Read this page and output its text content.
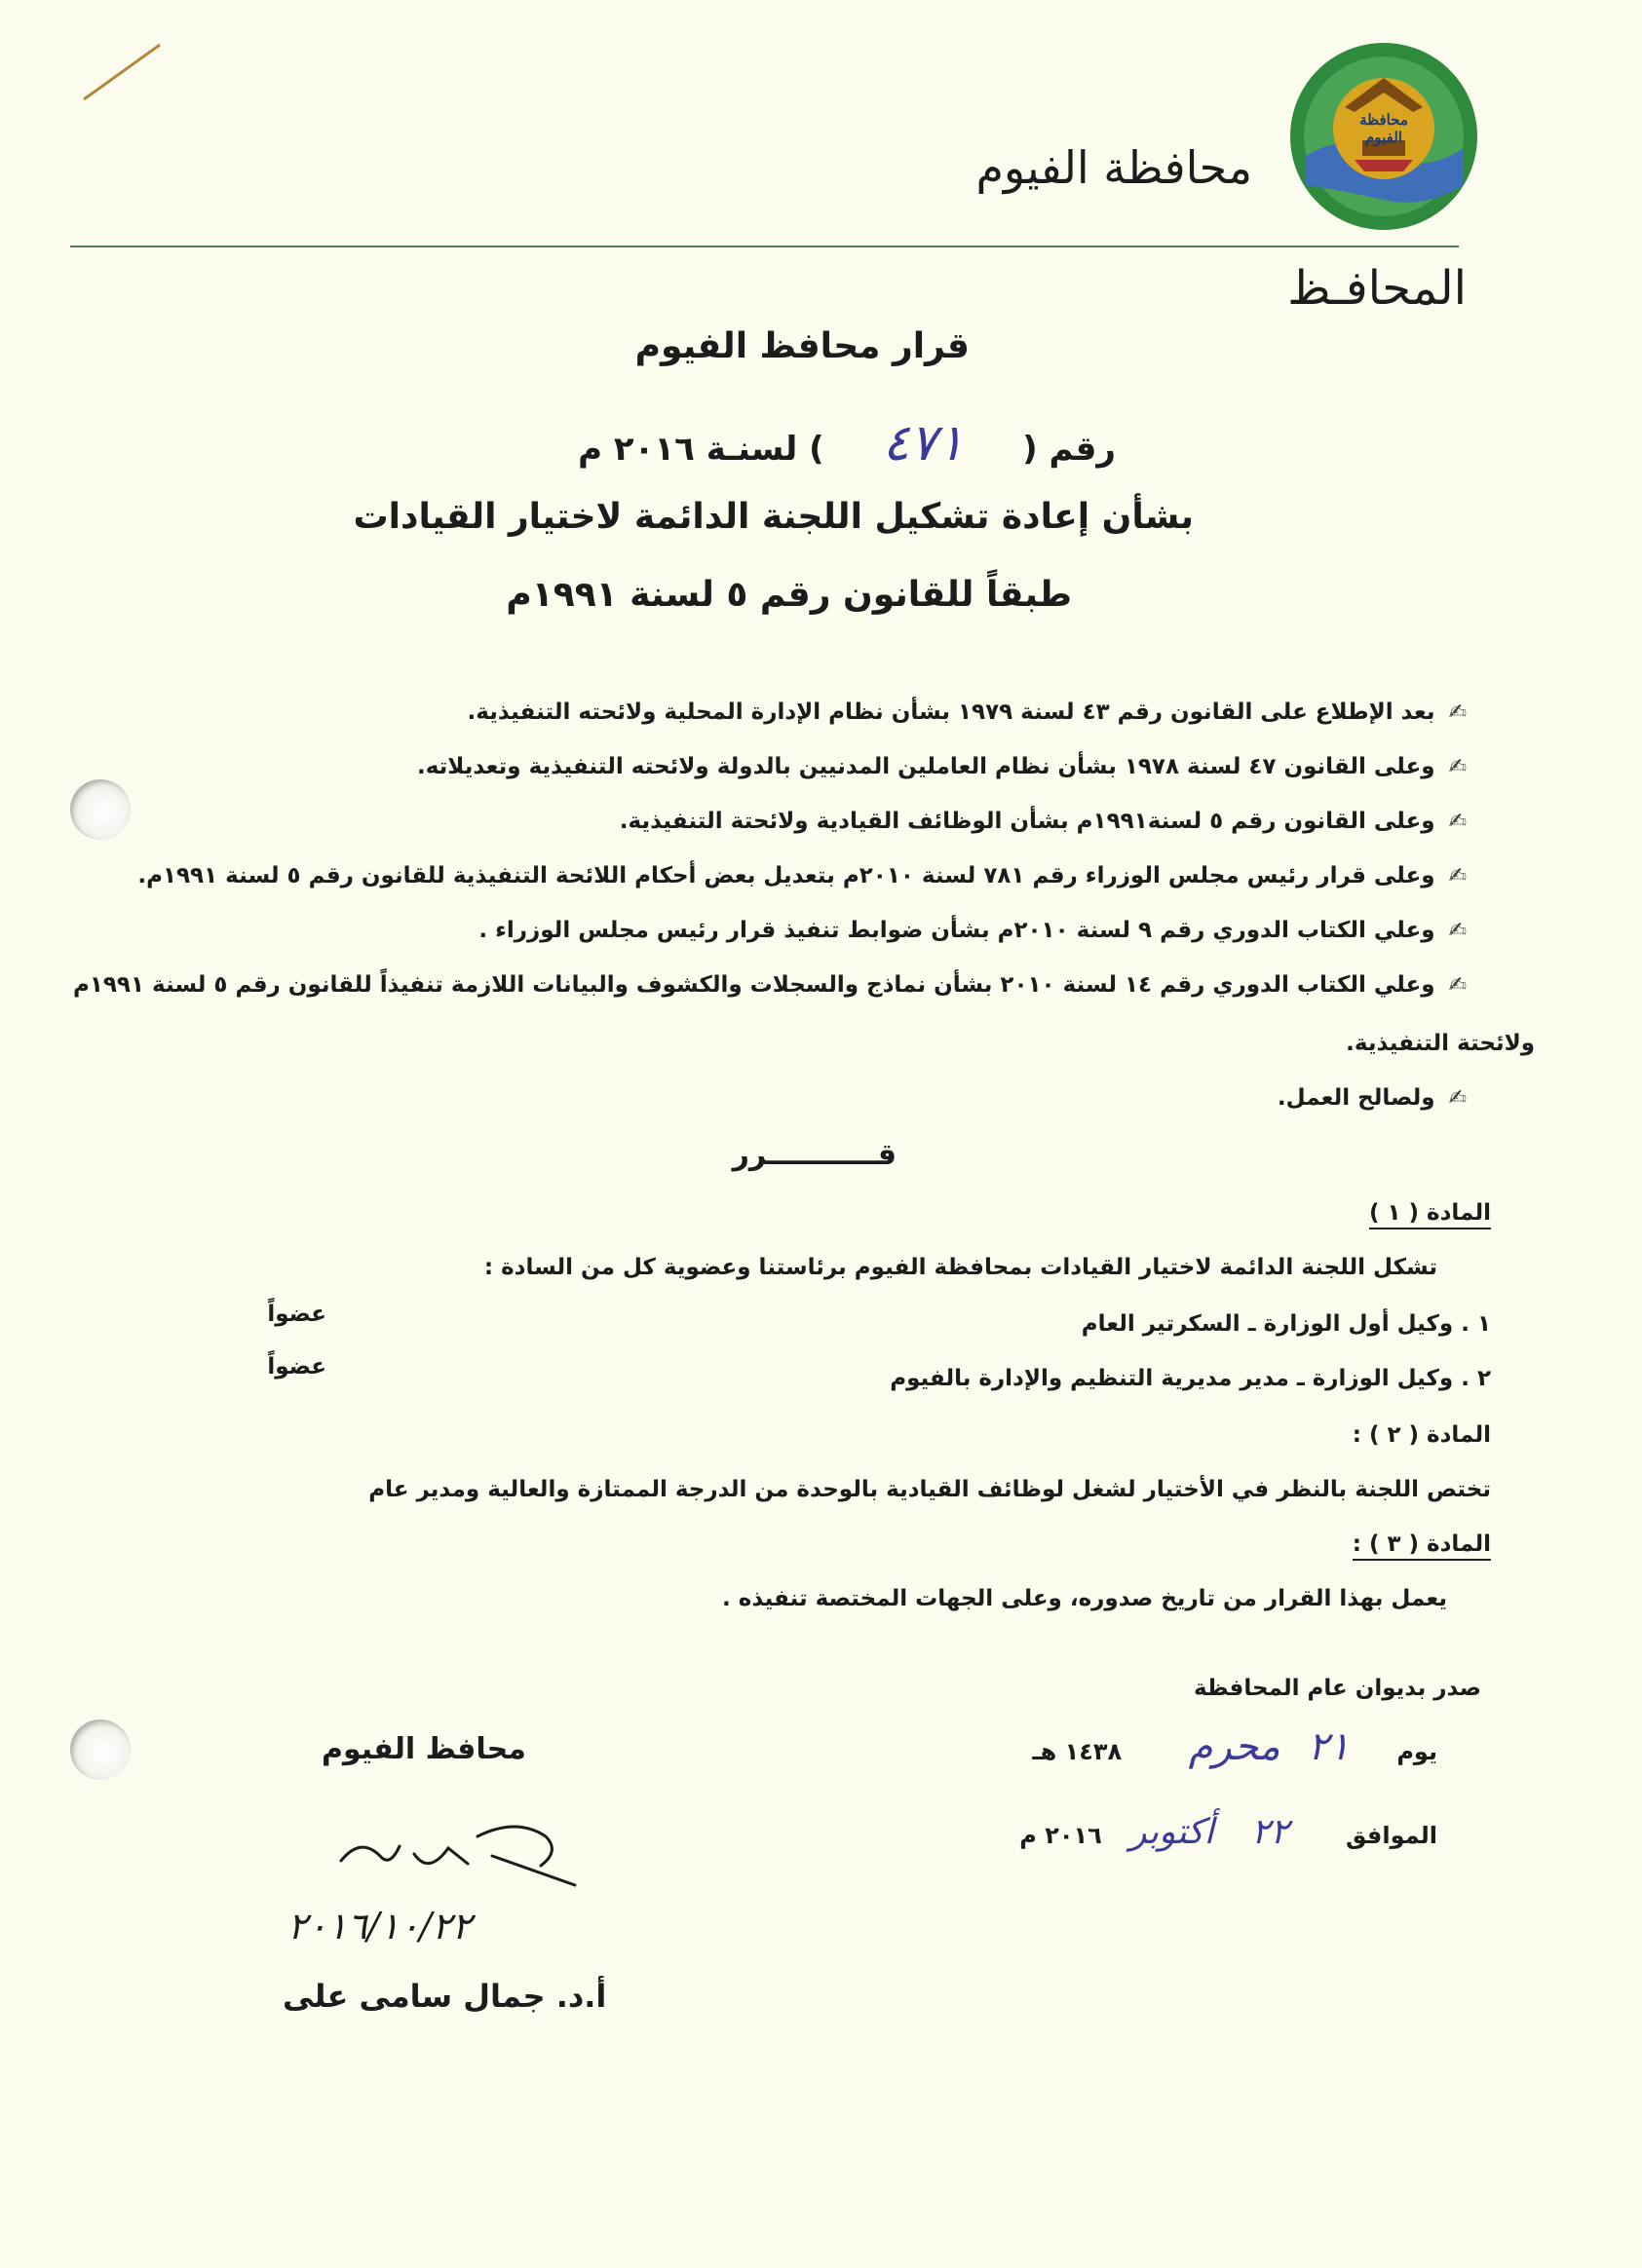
محافظة الفيوم
محافظة الفيوم
المحافـظ
قرار محافظ الفيوم
رقم ( ٤٧١ ) لسنـة ٢٠١٦ م
بشأن إعادة تشكيل اللجنة الدائمة لاختيار القيادات
طبقاً للقانون رقم ٥ لسنة ١٩٩١م
✍بعد الإطلاع على القانون رقم ٤٣ لسنة ١٩٧٩ بشأن نظام الإدارة المحلية ولائحته التنفيذية.
✍وعلى القانون ٤٧ لسنة ١٩٧٨ بشأن نظام العاملين المدنيين بالدولة ولائحته التنفيذية وتعديلاته.
✍وعلى القانون رقم ٥ لسنة١٩٩١م بشأن الوظائف القيادية ولائحتة التنفيذية.
✍وعلى قرار رئيس مجلس الوزراء رقم ٧٨١ لسنة ٢٠١٠م بتعديل بعض أحكام اللائحة التنفيذية للقانون رقم ٥ لسنة ١٩٩١م.
✍وعلي الكتاب الدوري رقم ٩ لسنة ٢٠١٠م بشأن ضوابط تنفيذ قرار رئيس مجلس الوزراء .
✍وعلي الكتاب الدوري رقم ١٤ لسنة ٢٠١٠ بشأن نماذج والسجلات والكشوف والبيانات اللازمة تنفيذاً للقانون رقم ٥ لسنة ١٩٩١م
ولائحتة التنفيذية.
✍ولصالح العمل.
قـــــــــــرر
المادة ( ١ )
تشكل اللجنة الدائمة لاختيار القيادات بمحافظة الفيوم برئاستنا وعضوية كل من السادة :
١ . وكيل أول الوزارة ـ السكرتير العام
عضواً
٢ . وكيل الوزارة ـ مدير مديرية التنظيم والإدارة بالفيوم
عضواً
المادة ( ٢ ) :
تختص اللجنة بالنظر في الأختيار لشغل لوظائف القيادية بالوحدة من الدرجة الممتازة والعالية ومدير عام
المادة ( ٣ ) :
يعمل بهذا القرار من تاريخ صدوره، وعلى الجهات المختصة تنفيذه .
صدر بديوان عام المحافظة
يوم ٢١ محرم ١٤٣٨ هـ
الموافق ٢٢ أكتوبر ٢٠١٦ م
محافظ الفيوم
٢٠١٦/١٠/٢٢
أ.د. جمال سامى على
